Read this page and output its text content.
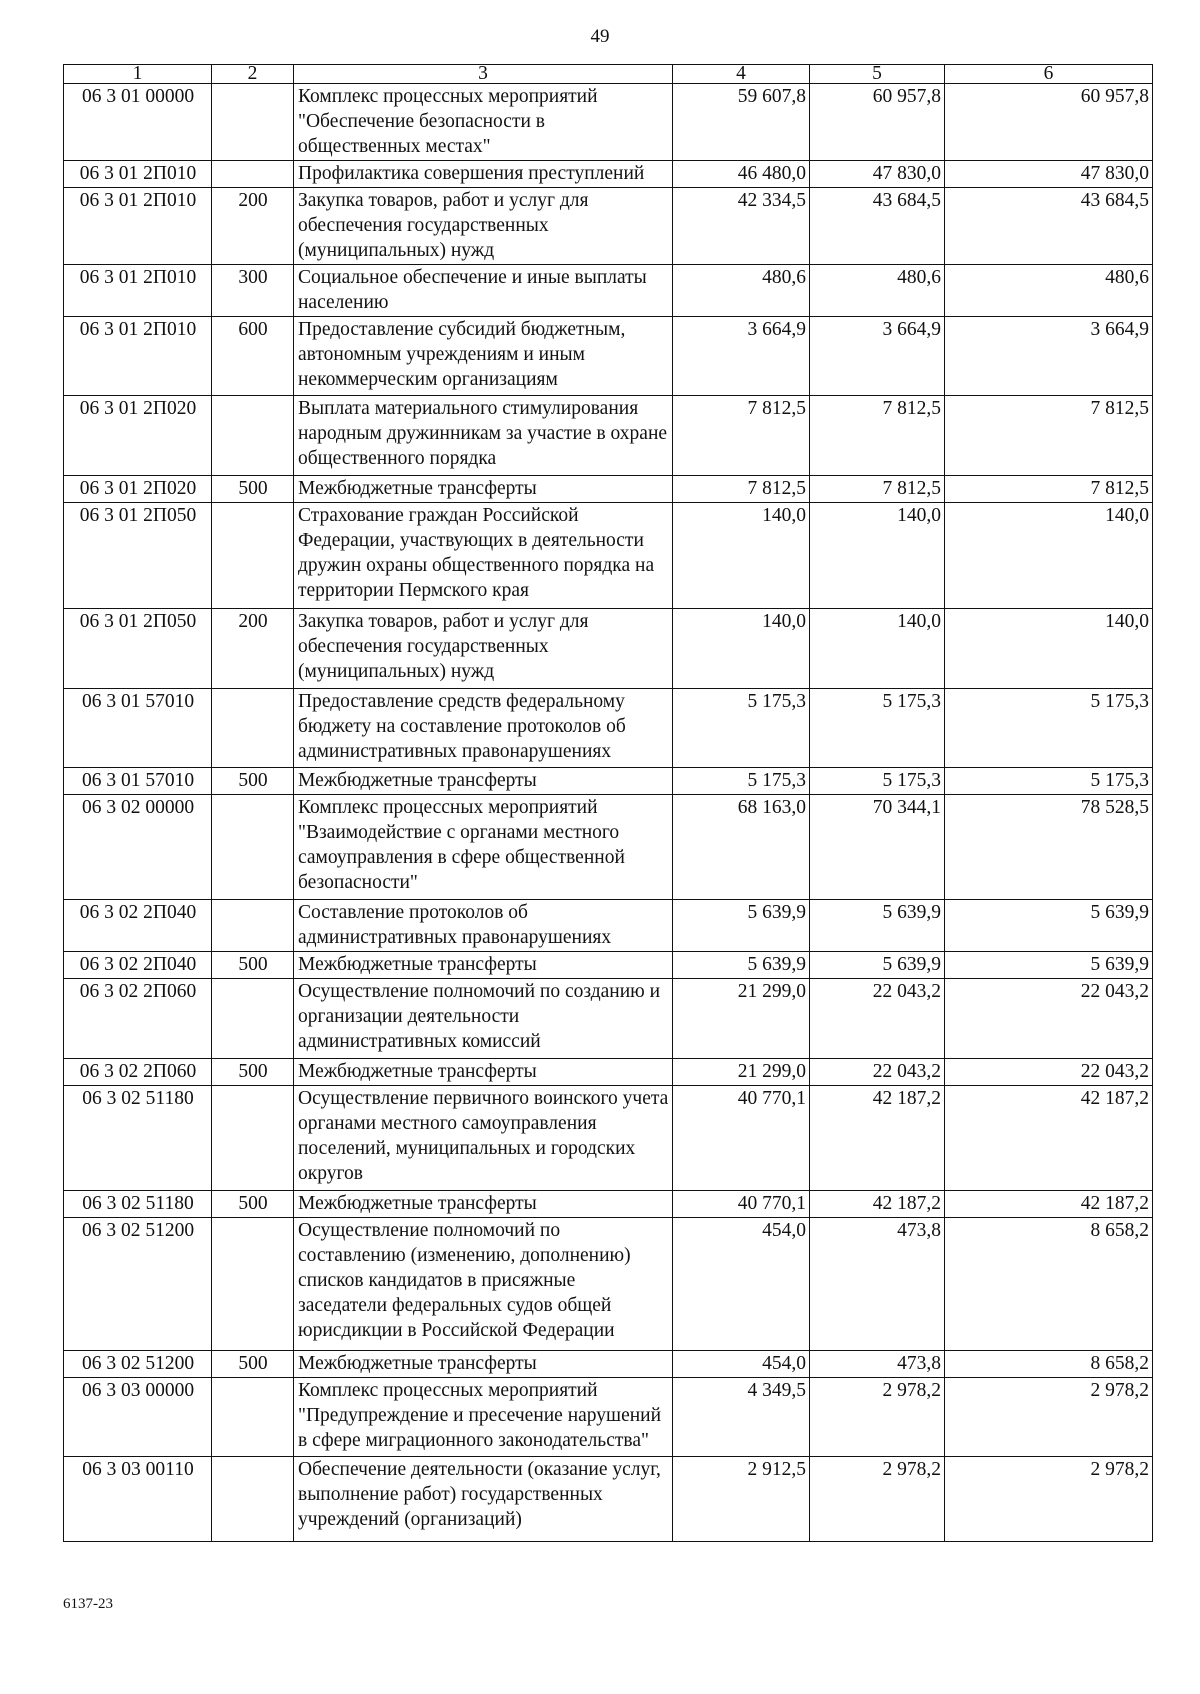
49
1	2	3	4	5	6
06 3 01 00000		Комплекс процессных мероприятий "Обеспечение безопасности в общественных местах"	59 607,8	60 957,8	60 957,8
06 3 01 2П010		Профилактика совершения преступлений	46 480,0	47 830,0	47 830,0
06 3 01 2П010	200	Закупка товаров, работ и услуг для обеспечения государственных (муниципальных) нужд	42 334,5	43 684,5	43 684,5
06 3 01 2П010	300	Социальное обеспечение и иные выплаты населению	480,6	480,6	480,6
06 3 01 2П010	600	Предоставление субсидий бюджетным, автономным учреждениям и иным некоммерческим организациям	3 664,9	3 664,9	3 664,9
06 3 01 2П020		Выплата материального стимулирования народным дружинникам за участие в охране общественного порядка	7 812,5	7 812,5	7 812,5
06 3 01 2П020	500	Межбюджетные трансферты	7 812,5	7 812,5	7 812,5
06 3 01 2П050		Страхование граждан Российской Федерации, участвующих в деятельности дружин охраны общественного порядка на территории Пермского края	140,0	140,0	140,0
06 3 01 2П050	200	Закупка товаров, работ и услуг для обеспечения государственных (муниципальных) нужд	140,0	140,0	140,0
06 3 01 57010		Предоставление средств федеральному бюджету на составление протоколов об административных правонарушениях	5 175,3	5 175,3	5 175,3
06 3 01 57010	500	Межбюджетные трансферты	5 175,3	5 175,3	5 175,3
06 3 02 00000		Комплекс процессных мероприятий "Взаимодействие с органами местного самоуправления в сфере общественной безопасности"	68 163,0	70 344,1	78 528,5
06 3 02 2П040		Составление протоколов об административных правонарушениях	5 639,9	5 639,9	5 639,9
06 3 02 2П040	500	Межбюджетные трансферты	5 639,9	5 639,9	5 639,9
06 3 02 2П060		Осуществление полномочий по созданию и организации деятельности административных комиссий	21 299,0	22 043,2	22 043,2
06 3 02 2П060	500	Межбюджетные трансферты	21 299,0	22 043,2	22 043,2
06 3 02 51180		Осуществление первичного воинского учета органами местного самоуправления поселений, муниципальных и городских округов	40 770,1	42 187,2	42 187,2
06 3 02 51180	500	Межбюджетные трансферты	40 770,1	42 187,2	42 187,2
06 3 02 51200		Осуществление полномочий по составлению (изменению, дополнению) списков кандидатов в присяжные заседатели федеральных судов общей юрисдикции в Российской Федерации	454,0	473,8	8 658,2
06 3 02 51200	500	Межбюджетные трансферты	454,0	473,8	8 658,2
06 3 03 00000		Комплекс процессных мероприятий "Предупреждение и пресечение нарушений в сфере миграционного законодательства"	4 349,5	2 978,2	2 978,2
06 3 03 00110		Обеспечение деятельности (оказание услуг, выполнение работ) государственных учреждений (организаций)	2 912,5	2 978,2	2 978,2
6137-23
